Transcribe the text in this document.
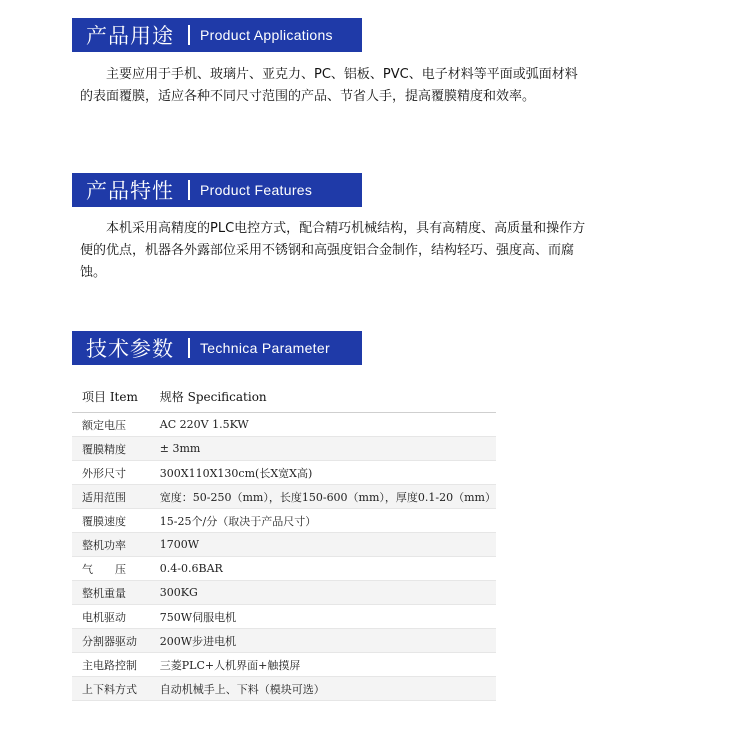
产品用途 Product Applications
主要应用于手机、玻璃片、亚克力、PC、铝板、PVC、电子材料等平面或弧面材料的表面覆膜，适应各种不同尺寸范围的产品、节省人手，提高覆膜精度和效率。
产品特性 Product Features
本机采用高精度的PLC电控方式，配合精巧机械结构，具有高精度、高质量和操作方便的优点，机器各外露部位采用不锈钢和高强度铝合金制作，结构轻巧、强度高、而腐蚀。
技术参数 Technica Parameter
项目 Item	规格 Specification
额定电压	AC 220V 1.5KW
覆膜精度	± 3mm
外形尺寸	300X110X130cm(长X宽X高)
适用范围	宽度：50-250（mm），长度150-600（mm），厚度0.1-20（mm）
覆膜速度	15-25个/分（取决于产品尺寸）
整机功率	1700W
气　　压	0.4-0.6BAR
整机重量	300KG
电机驱动	750W伺服电机
分割器驱动	200W步进电机
主电路控制	三菱PLC+人机界面+触摸屏
上下料方式	自动机械手上、下料（模块可选）
